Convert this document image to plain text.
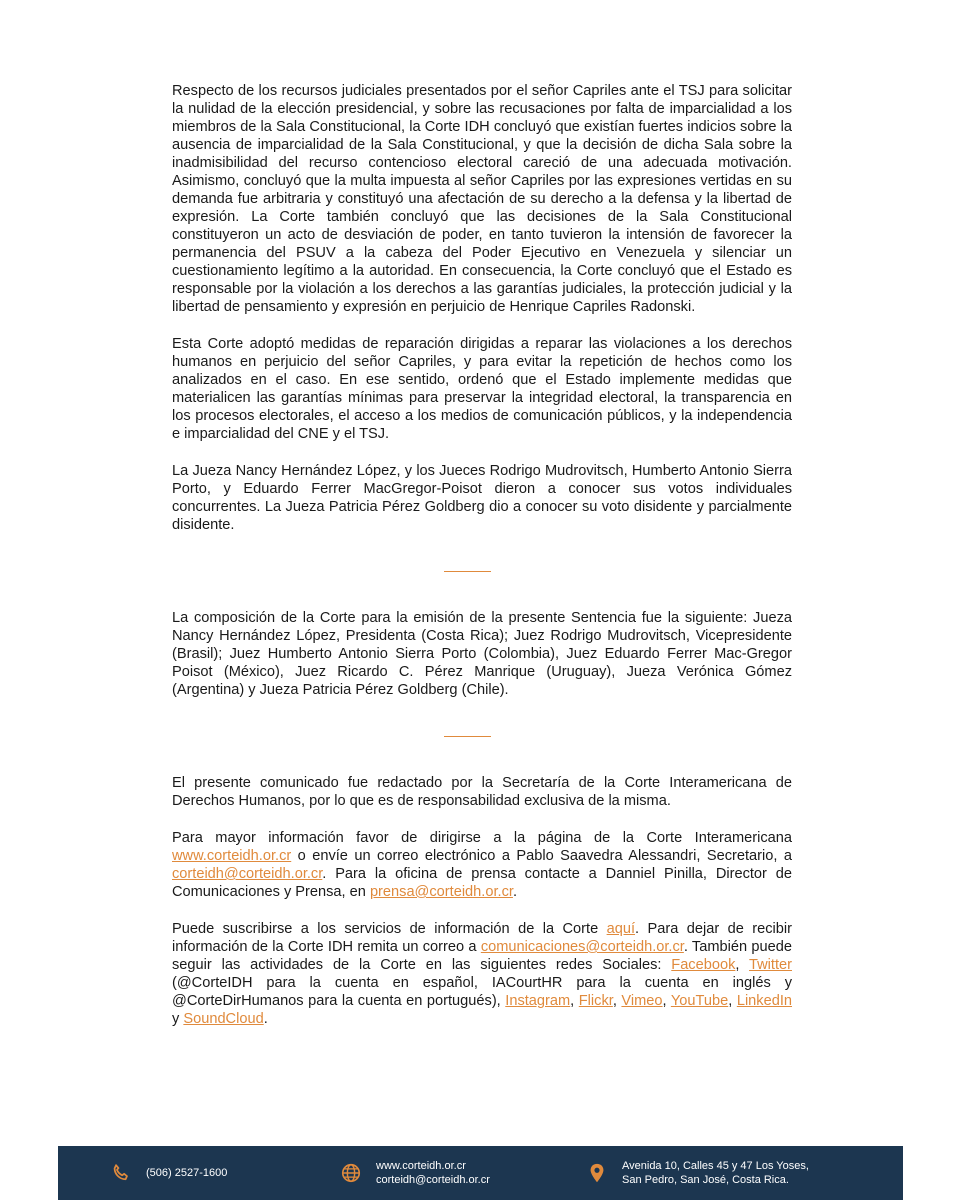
Respecto de los recursos judiciales presentados por el señor Capriles ante el TSJ para solicitar la nulidad de la elección presidencial, y sobre las recusaciones por falta de imparcialidad a los miembros de la Sala Constitucional, la Corte IDH concluyó que existían fuertes indicios sobre la ausencia de imparcialidad de la Sala Constitucional, y que la decisión de dicha Sala sobre la inadmisibilidad del recurso contencioso electoral careció de una adecuada motivación. Asimismo, concluyó que la multa impuesta al señor Capriles por las expresiones vertidas en su demanda fue arbitraria y constituyó una afectación de su derecho a la defensa y la libertad de expresión. La Corte también concluyó que las decisiones de la Sala Constitucional constituyeron un acto de desviación de poder, en tanto tuvieron la intensión de favorecer la permanencia del PSUV a la cabeza del Poder Ejecutivo en Venezuela y silenciar un cuestionamiento legítimo a la autoridad. En consecuencia, la Corte concluyó que el Estado es responsable por la violación a los derechos a las garantías judiciales, la protección judicial y la libertad de pensamiento y expresión en perjuicio de Henrique Capriles Radonski.

Esta Corte adoptó medidas de reparación dirigidas a reparar las violaciones a los derechos humanos en perjuicio del señor Capriles, y para evitar la repetición de hechos como los analizados en el caso. En ese sentido, ordenó que el Estado implemente medidas que materialicen las garantías mínimas para preservar la integridad electoral, la transparencia en los procesos electorales, el acceso a los medios de comunicación públicos, y la independencia e imparcialidad del CNE y el TSJ.

La Jueza Nancy Hernández López, y los Jueces Rodrigo Mudrovitsch, Humberto Antonio Sierra Porto, y Eduardo Ferrer MacGregor-Poisot dieron a conocer sus votos individuales concurrentes. La Jueza Patricia Pérez Goldberg dio a conocer su voto disidente y parcialmente disidente.

La composición de la Corte para la emisión de la presente Sentencia fue la siguiente: Jueza Nancy Hernández López, Presidenta (Costa Rica); Juez Rodrigo Mudrovitsch, Vicepresidente (Brasil); Juez Humberto Antonio Sierra Porto (Colombia), Juez Eduardo Ferrer Mac-Gregor Poisot (México), Juez Ricardo C. Pérez Manrique (Uruguay), Jueza Verónica Gómez (Argentina) y Jueza Patricia Pérez Goldberg (Chile).

El presente comunicado fue redactado por la Secretaría de la Corte Interamericana de Derechos Humanos, por lo que es de responsabilidad exclusiva de la misma.

Para mayor información favor de dirigirse a la página de la Corte Interamericana www.corteidh.or.cr o envíe un correo electrónico a Pablo Saavedra Alessandri, Secretario, a corteidh@corteidh.or.cr. Para la oficina de prensa contacte a Danniel Pinilla, Director de Comunicaciones y Prensa, en prensa@corteidh.or.cr.

Puede suscribirse a los servicios de información de la Corte aquí. Para dejar de recibir información de la Corte IDH remita un correo a comunicaciones@corteidh.or.cr. También puede seguir las actividades de la Corte en las siguientes redes Sociales: Facebook, Twitter (@CorteIDH para la cuenta en español, IACourtHR para la cuenta en inglés y @CorteDirHumanos para la cuenta en portugués), Instagram, Flickr, Vimeo, YouTube, LinkedIn y SoundCloud.

(506) 2527-1600
www.corteidh.or.cr
corteidh@corteidh.or.cr
Avenida 10, Calles 45 y 47 Los Yoses,
San Pedro, San José, Costa Rica.
